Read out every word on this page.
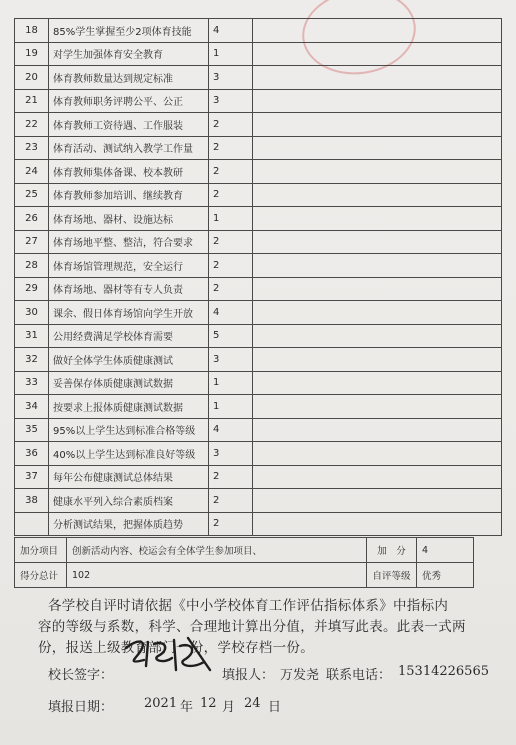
18	85%学生掌握至少2项体育技能	4	
19	对学生加强体育安全教育	1	
20	体育教师数量达到规定标准	3	
21	体育教师职务评聘公平、公正	3	
22	体育教师工资待遇、工作服装	2	
23	体育活动、测试纳入教学工作量	2	
24	体育教师集体备课、校本教研	2	
25	体育教师参加培训、继续教育	2	
26	体育场地、器材、设施达标	1	
27	体育场地平整、整洁，符合要求	2	
28	体育场馆管理规范，安全运行	2	
29	体育场地、器材等有专人负责	2	
30	课余、假日体育场馆向学生开放	4	
31	公用经费满足学校体育需要	5	
32	做好全体学生体质健康测试	3	
33	妥善保存体质健康测试数据	1	
34	按要求上报体质健康测试数据	1	
35	95%以上学生达到标准合格等级	4	
36	40%以上学生达到标准良好等级	3	
37	每年公布健康测试总体结果	2	
38	健康水平列入综合素质档案	2	
	分析测试结果，把握体质趋势	2	
加分项目	创新活动内容、校运会有全体学生参加项目、	加　分	4
得分总计	102	自评等级	优秀

各学校自评时请依据《中小学校体育工作评估指标体系》中指标内

容的等级与系数，科学、合理地计算出分值，并填写此表。此表一式两

份，报送上级教育部门一份，学校存档一份。

校长签字：	填报人： 万发尧 联系电话： 15314226565
填报日期： 2021 年 12 月 24 日
